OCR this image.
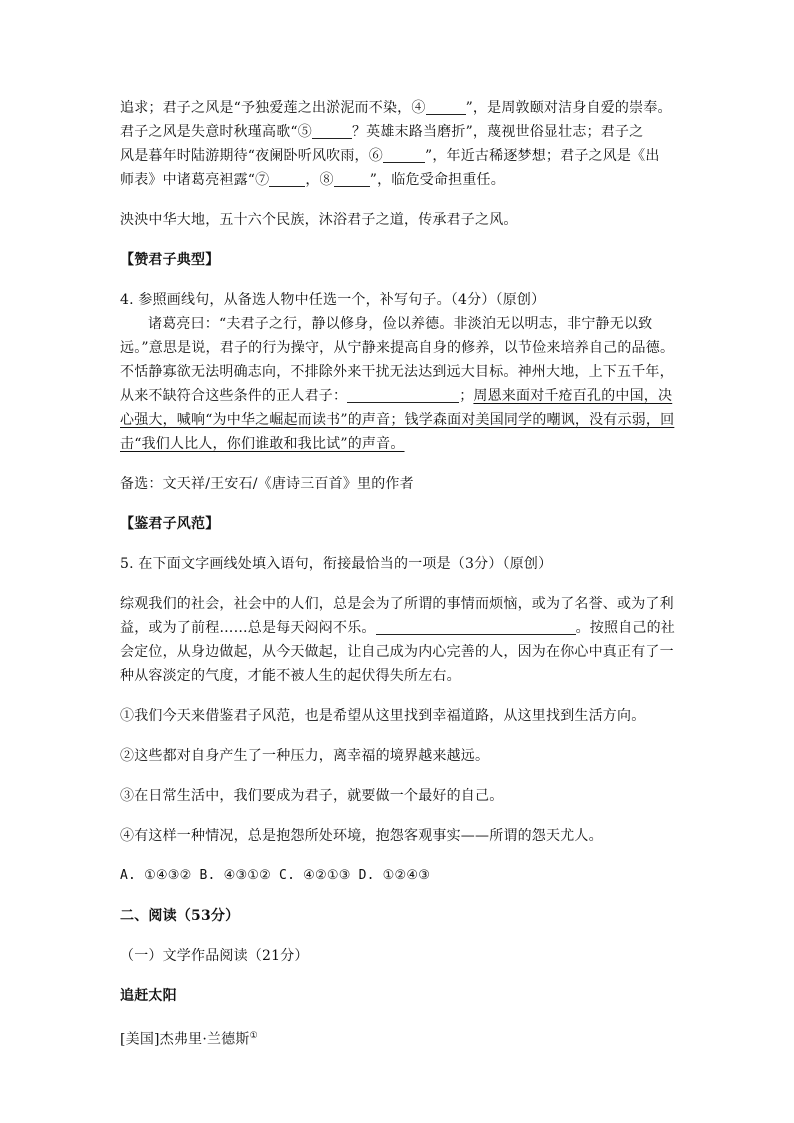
追求；君子之风是“予独爱莲之出淤泥而不染，④	”，是周敦颐对洁身自爱的崇奉。
君子之风是失意时秋瑾高歌“⑤	？英雄末路当磨折”，蔑视世俗显壮志；君子之
风是暮年时陆游期待“夜阑卧听风吹雨，⑥	”，年近古稀逐梦想；君子之风是《出
师表》中诸葛亮袒露“⑦	，⑧	”，临危受命担重任。

泱泱中华大地，五十六个民族，沐浴君子之道，传承君子之风。

【赞君子典型】

4. 参照画线句，从备选人物中任选一个，补写句子。（4分）（原创）

诸葛亮曰：“夫君子之行，静以修身，俭以养德。非淡泊无以明志，非宁静无以致远。”意思是说，君子的行为操守，从宁静来提高自身的修养，以节俭来培养自己的品德。不恬静寡欲无法明确志向，不排除外来干扰无法达到远大目标。神州大地，上下五千年，从来不缺符合这些条件的正人君子：	；周恩来面对千疮百孔的中国，决心强大，喊响“为中华之崛起而读书”的声音；钱学森面对美国同学的嘲讽，没有示弱，回击“我们人比人，你们谁敢和我比试”的声音。

备选：文天祥/王安石/《唐诗三百首》里的作者

【鉴君子风范】

5. 在下面文字画线处填入语句，衔接最恰当的一项是（3分）（原创）

综观我们的社会，社会中的人们，总是会为了所谓的事情而烦恼，或为了名誉、或为了利益，或为了前程……总是每天闷闷不乐。	。按照自己的社会定位，从身边做起，从今天做起，让自己成为内心完善的人，因为在你心中真正有了一种从容淡定的气度，才能不被人生的起伏得失所左右。

①我们今天来借鉴君子风范，也是希望从这里找到幸福道路，从这里找到生活方向。

②这些都对自身产生了一种压力，离幸福的境界越来越远。

③在日常生活中，我们要成为君子，就要做一个最好的自己。

④有这样一种情况，总是抱怨所处环境，抱怨客观事实——所谓的怨天尤人。

A. ①④③② B. ④③①② C. ④②①③ D. ①②④③

二、阅读（53分）

（一）文学作品阅读（21分）

追赶太阳

[美国]杰弗里·兰德斯①
